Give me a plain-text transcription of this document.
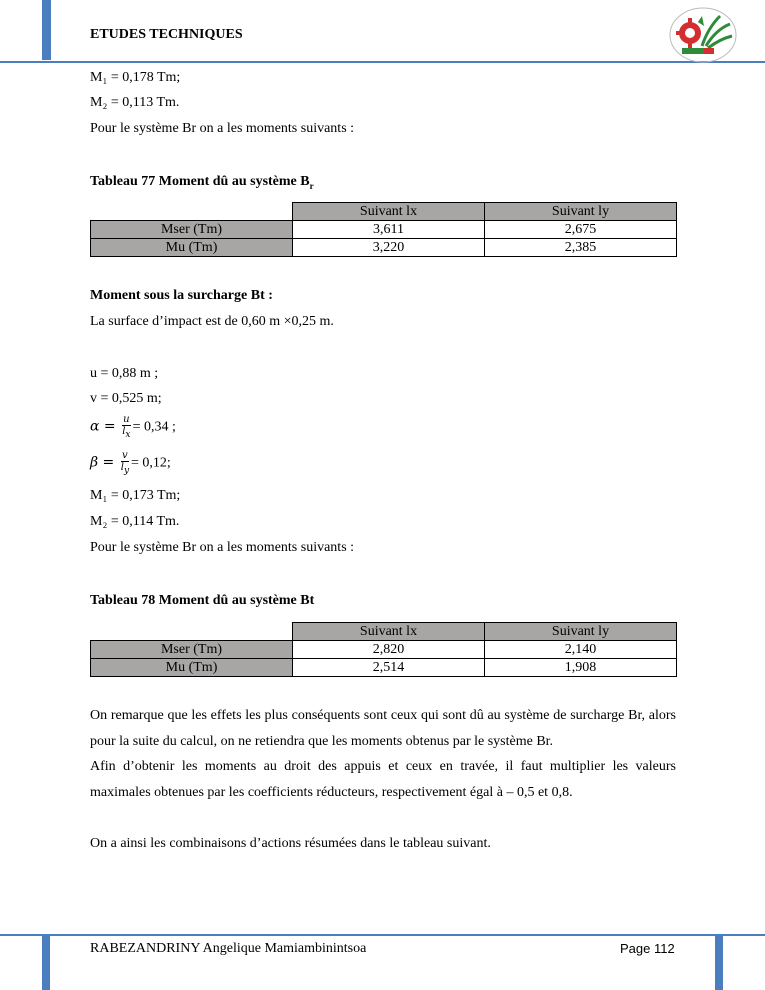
ETUDES TECHNIQUES
M₁ = 0,178 Tm;
M₂ = 0,113 Tm.
Pour le système Br on a les moments suivants :
Tableau 77 Moment dû au système $B_r$
	Suivant lx	Suivant ly
Mser (Tm)	3,611	2,675
Mu (Tm)	3,220	2,385
Moment sous la surcharge Bt :
La surface d’impact est de 0,60 m ×0,25 m.
u = 0,88 m ;
v = 0,525 m;
$\alpha = \frac{u}{l_x} = 0,34$ ;
$\beta = \frac{v}{l_y} = 0,12$;
M₁ = 0,173 Tm;
M₂ = 0,114 Tm.
Pour le système Br on a les moments suivants :
Tableau 78 Moment dû au système Bt
	Suivant lx	Suivant ly
Mser (Tm)	2,820	2,140
Mu (Tm)	2,514	1,908
On remarque que les effets les plus conséquents sont ceux qui sont dû au système de surcharge Br, alors pour la suite du calcul, on ne retiendra que les moments obtenus par le système Br.
Afin d’obtenir les moments au droit des appuis et ceux en travée, il faut multiplier les valeurs maximales obtenues par les coefficients réducteurs, respectivement égal à – 0,5 et 0,8.
On a ainsi les combinaisons d’actions résumées dans le tableau suivant.
RABEZANDRINY Angelique Mamiambinintsoa	Page 112
